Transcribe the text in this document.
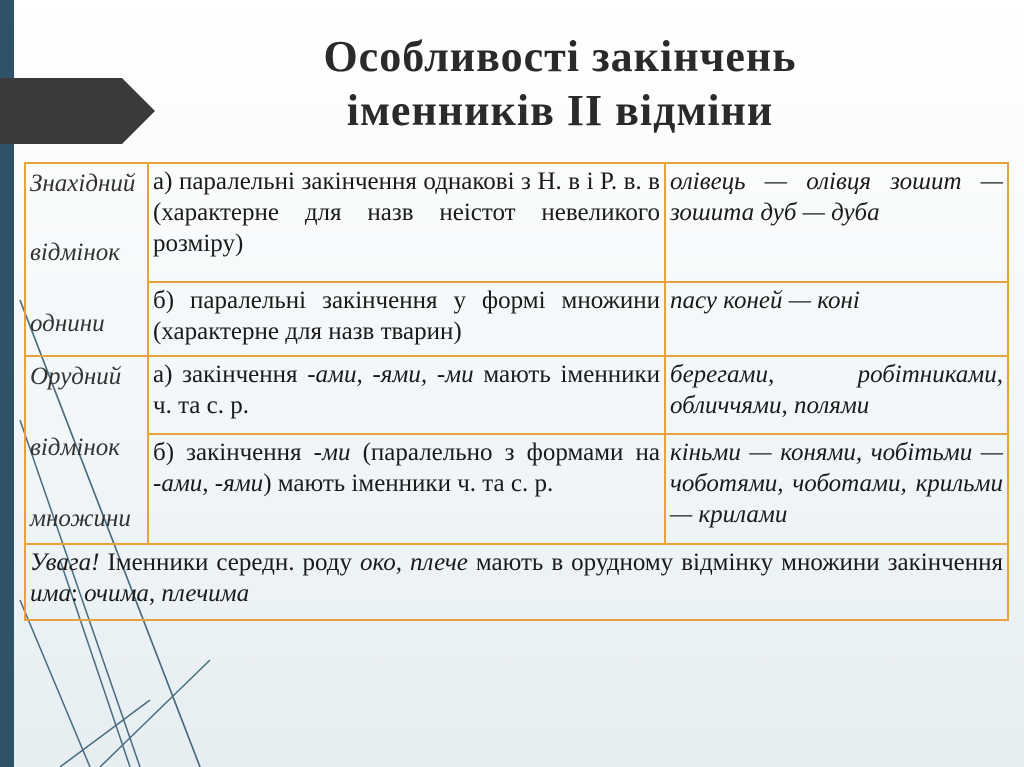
Особливості закінчень
іменників ІІ відміни
Знахідний
відмінок
однини	а) паралельні закінчення однакові з Н. в і Р. в. в (характерне для назв неістот невеликого розміру)	олівець — олівця зошит — зошита дуб — дуба
	б) паралельні закінчення у формі множини (характерне для назв тварин)	пасу коней — коні

Орудний
відмінок
множини	а) закінчення -ами, -ями, -ми мають іменники ч. та с. р.	берегами, робітниками, обличчями, полями
	б) закінчення -ми (паралельно з формами на -ами, -ями) мають іменники ч. та с. р.	кіньми — конями, чобітьми — чоботями, чоботами, крильми — крилами
Увага! Іменники середн. роду око, плече мають в орудному відмінку множини закінчення има: очима, плечима		
